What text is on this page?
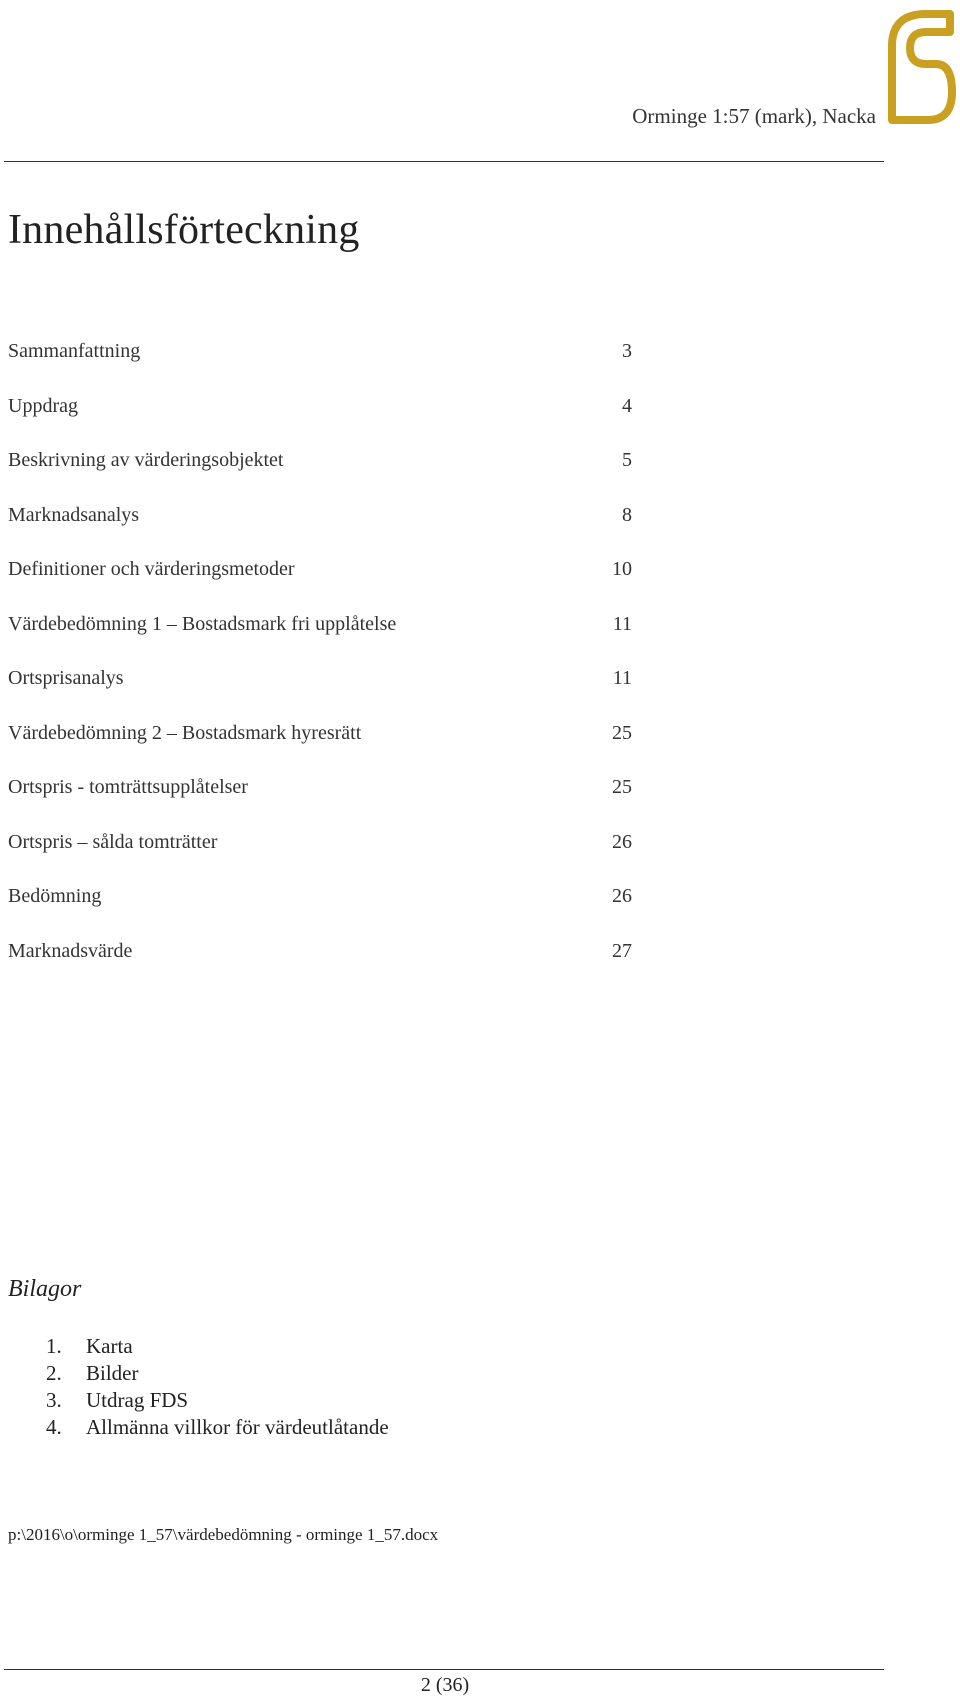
Orminge 1:57 (mark), Nacka
Innehållsförteckning
Sammanfattning	3
Uppdrag	4
Beskrivning av värderingsobjektet	5
Marknadsanalys	8
Definitioner och värderingsmetoder	10
Värdebedömning 1 – Bostadsmark fri upplåtelse	11
Ortsprisanalys	11
Värdebedömning 2 – Bostadsmark hyresrätt	25
Ortspris - tomträttsupplåtelser	25
Ortspris – sålda tomträtter	26
Bedömning	26
Marknadsvärde	27
Bilagor
1.	Karta
2.	Bilder
3.	Utdrag FDS
4.	Allmänna villkor för värdeutlåtande
p:\2016\o\orminge 1_57\värdebedömning - orminge 1_57.docx
2 (36)
